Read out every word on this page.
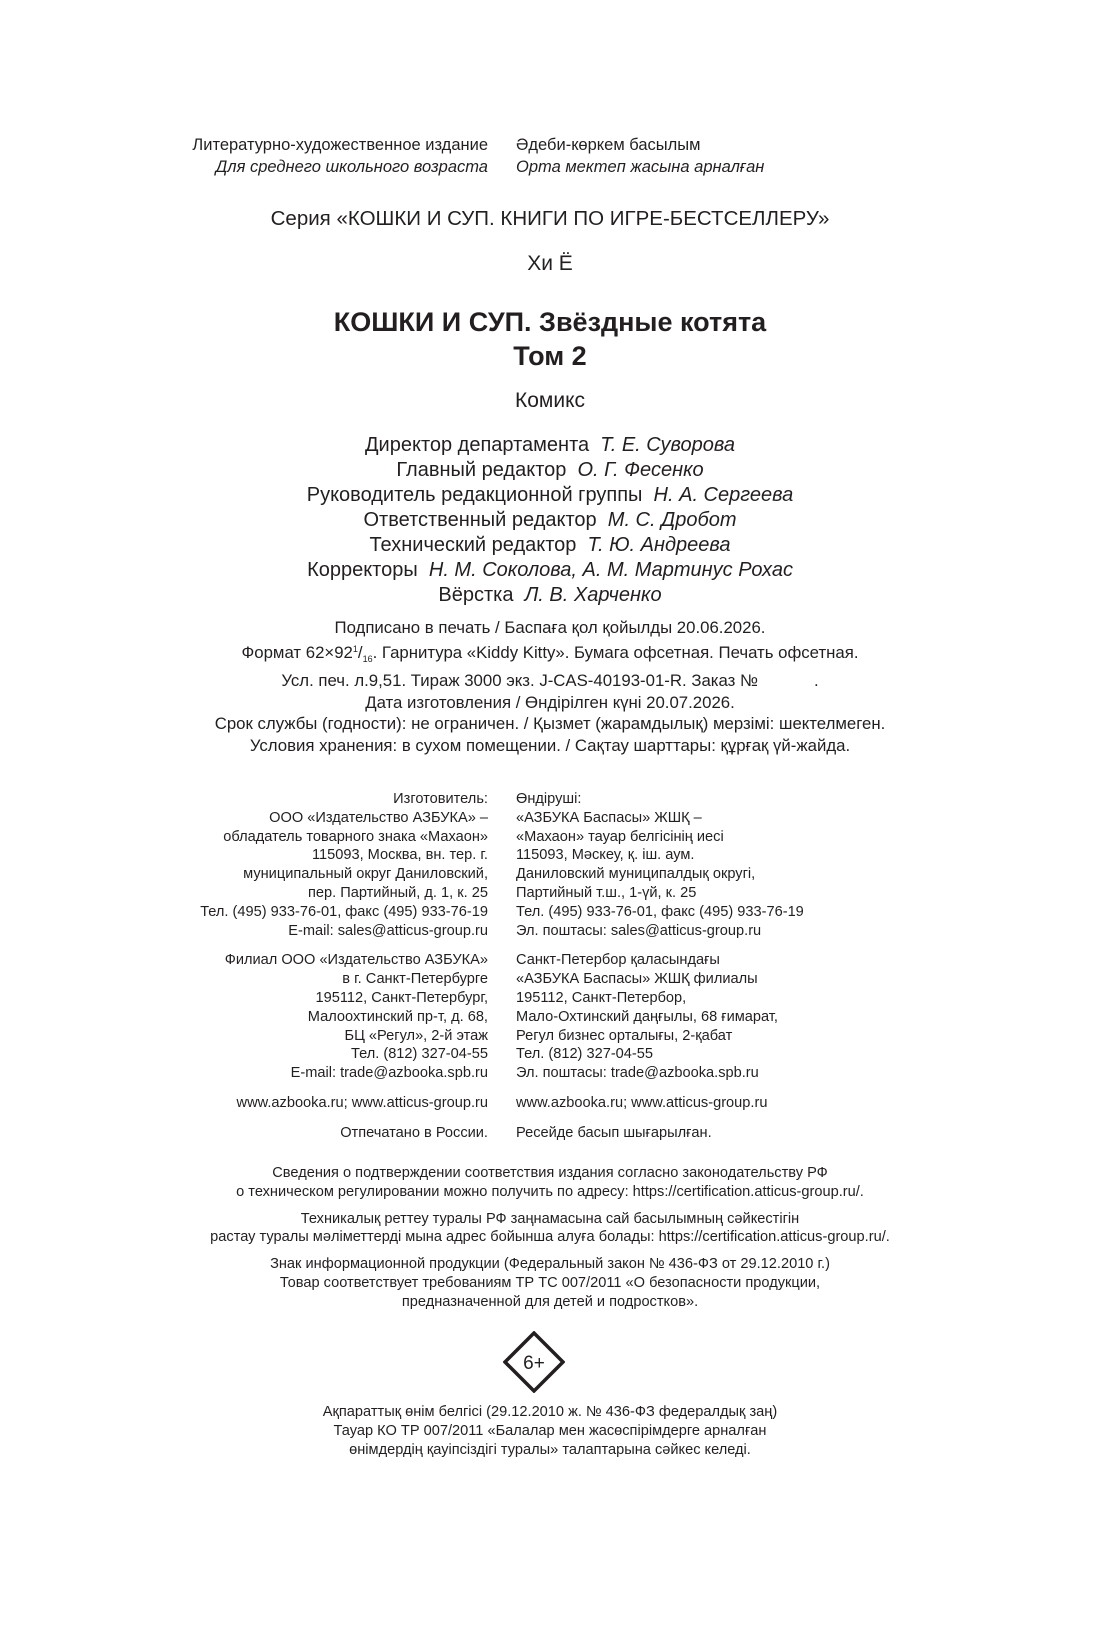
Литературно-художественное издание
Для среднего школьного возраста
Әдеби-көркем басылым
Орта мектеп жасына арналған
Серия «КОШКИ И СУП. КНИГИ ПО ИГРЕ-БЕСТСЕЛЛЕРУ»
Хи Ё
КОШКИ И СУП. Звёздные котята
Том 2
Комикс
Директор департамента Т. Е. Суворова
Главный редактор О. Г. Фесенко
Руководитель редакционной группы Н. А. Сергеева
Ответственный редактор М. С. Дробот
Технический редактор Т. Ю. Андреева
Корректоры Н. М. Соколова, А. М. Мартинус Рохас
Вёрстка Л. В. Харченко
Подписано в печать / Баспаға қол қойылды 20.06.2026.
Формат $62\times 92^1/_{16}$. Гарнитура «Kiddy Kitty». Бумага офсетная. Печать офсетная.
Усл. печ. л.9,51. Тираж 3000 экз. J-CAS-40193-01-R. Заказ №            .
Дата изготовления / Өндірілген күні 20.07.2026.
Срок службы (годности): не ограничен. / Қызмет (жарамдылық) мерзімі: шектелмеген.
Условия хранения: в сухом помещении. / Сақтау шарттары: құрғақ үй-жайда.
Изготовитель:
ООО «Издательство АЗБУКА» –
обладатель товарного знака «Махаон»
115093, Москва, вн. тер. г.
муниципальный округ Даниловский,
пер. Партийный, д. 1, к. 25
Тел. (495) 933-76-01, факс (495) 933-76-19
E-mail: sales@atticus-group.ru
Филиал ООО «Издательство АЗБУКА»
в г. Санкт-Петербурге
195112, Санкт-Петербург,
Малоохтинский пр-т, д. 68,
БЦ «Регул», 2-й этаж
Тел. (812) 327-04-55
E-mail: trade@azbooka.spb.ru
www.azbooka.ru; www.atticus-group.ru
Отпечатано в России.
Өндіруші:
«АЗБУКА Баспасы» ЖШҚ –
«Махаон» тауар белгісінің иесі
115093, Мәскеу, қ. іш. аум.
Даниловский муниципалдық округі,
Партийный т.ш., 1-үй, к. 25
Тел. (495) 933-76-01, факс (495) 933-76-19
Эл. поштасы: sales@atticus-group.ru
Санкт-Петербор қаласындағы
«АЗБУКА Баспасы» ЖШҚ филиалы
195112, Санкт-Петербор,
Мало-Охтинский даңғылы, 68 ғимарат,
Регул бизнес орталығы, 2-қабат
Тел. (812) 327-04-55
Эл. поштасы: trade@azbooka.spb.ru
www.azbooka.ru; www.atticus-group.ru
Ресейде басып шығарылған.
Сведения о подтверждении соответствия издания согласно законодательству РФ
о техническом регулировании можно получить по адресу: https://certification.atticus-group.ru/.
Техникалық реттеу туралы РФ заңнамасына сай басылымның сәйкестігін
растау туралы мәліметтерді мына адрес бойынша алуға болады: https://certification.atticus-group.ru/.
Знак информационной продукции (Федеральный закон № 436-ФЗ от 29.12.2010 г.)
Товар соответствует требованиям ТР ТС 007/2011 «О безопасности продукции,
предназначенной для детей и подростков».
6+
Ақпараттық өнім белгісі (29.12.2010 ж. № 436-ФЗ федералдық заң)
Тауар КО ТР 007/2011 «Балалар мен жасөспірімдерге арналған
өнімдердің қауіпсіздігі туралы» талаптарына сәйкес келеді.
